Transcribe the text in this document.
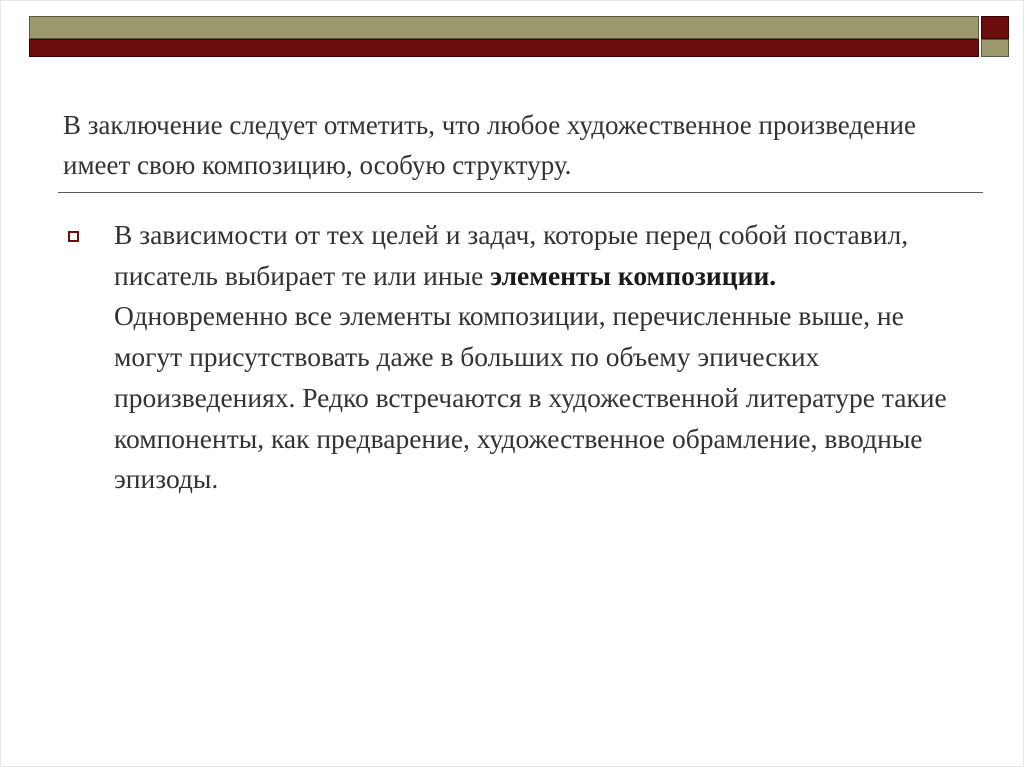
В заключение следует отметить, что любое художественное произведение имеет свою композицию, особую структуру.

В зависимости от тех целей и задач, которые перед собой поставил, писатель выбирает те или иные элементы композиции. Одновременно все элементы композиции, перечисленные выше, не могут присутствовать даже в больших по объему эпических произведениях. Редко встречаются в художественной литературе такие компоненты, как предварение, художественное обрамление, вводные эпизоды.
